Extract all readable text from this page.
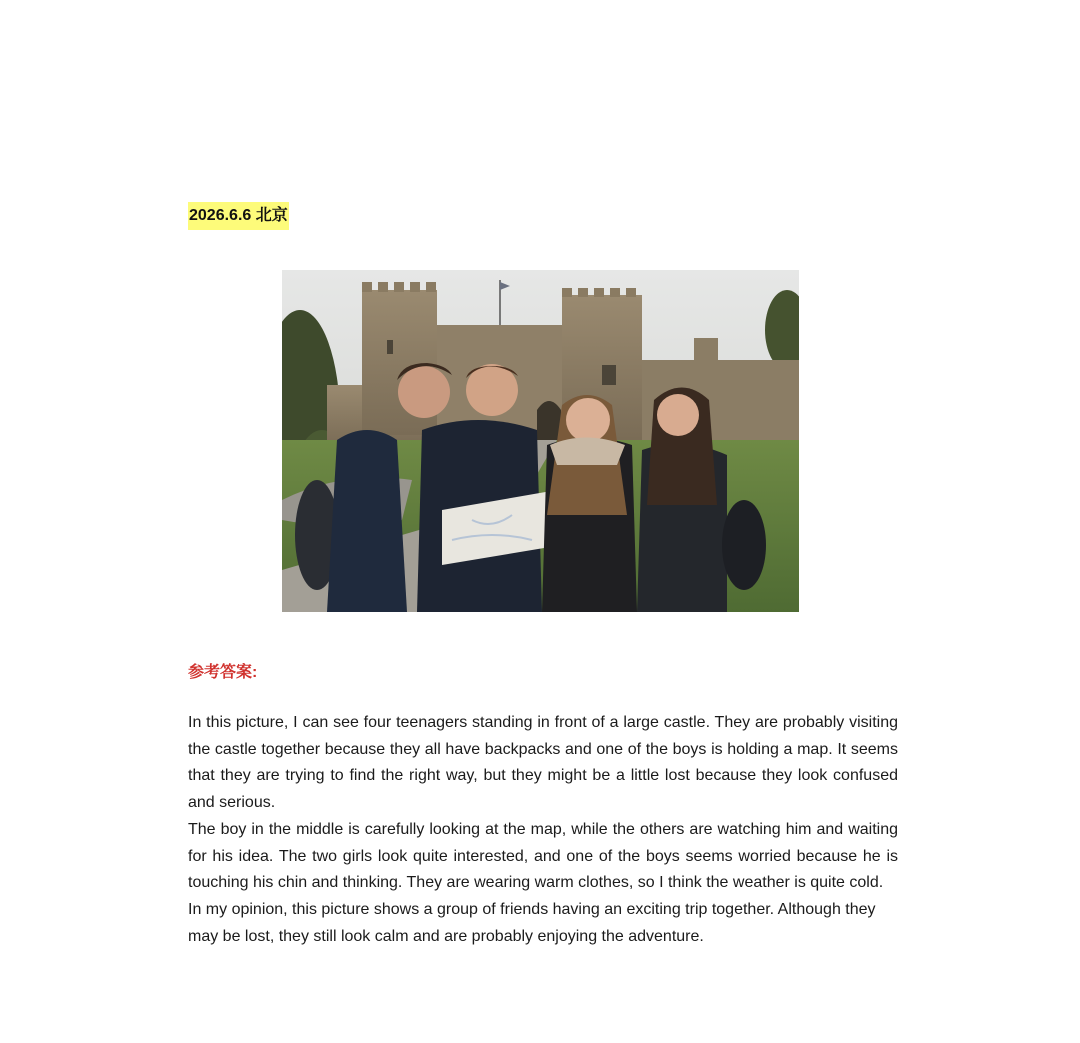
2026.6.6 北京
参考答案:

In this picture, I can see four teenagers standing in front of a large castle. They are probably visiting the castle together because they all have backpacks and one of the boys is holding a map. It seems that they are trying to find the right way, but they might be a little lost because they look confused and serious.

The boy in the middle is carefully looking at the map, while the others are watching him and waiting for his idea. The two girls look quite interested, and one of the boys seems worried because he is touching his chin and thinking. They are wearing warm clothes, so I think the weather is quite cold.

In my opinion, this picture shows a group of friends having an exciting trip together. Although they may be lost, they still look calm and are probably enjoying the adventure.
